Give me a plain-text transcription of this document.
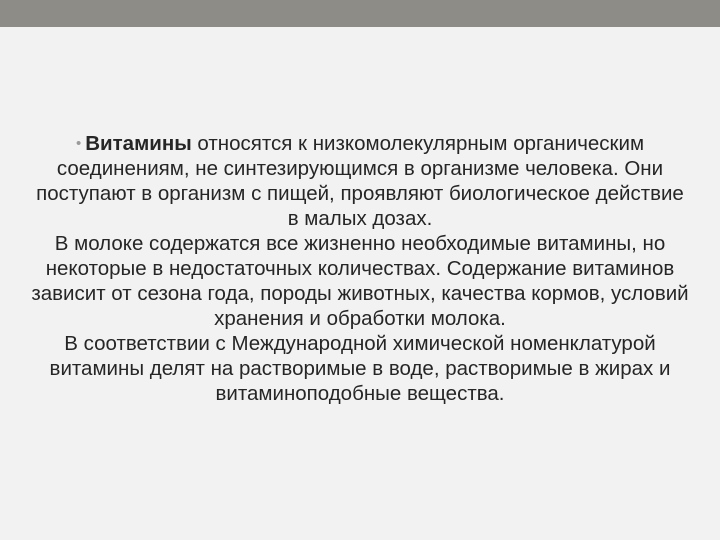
• Витамины относятся к низкомолекулярным органическим соединениям, не синтезирующимся в организме человека. Они поступают в организм с пищей, проявляют биологическое действие в малых дозах.

В молоке содержатся все жизненно необходимые витамины, но некоторые в недостаточных количествах. Содержание витаминов зависит от сезона года, породы животных, качества кормов, условий хранения и обработки молока.

В соответствии с Международной химической номенклатурой витамины делят на растворимые в воде, растворимые в жирах и витаминоподобные вещества.
